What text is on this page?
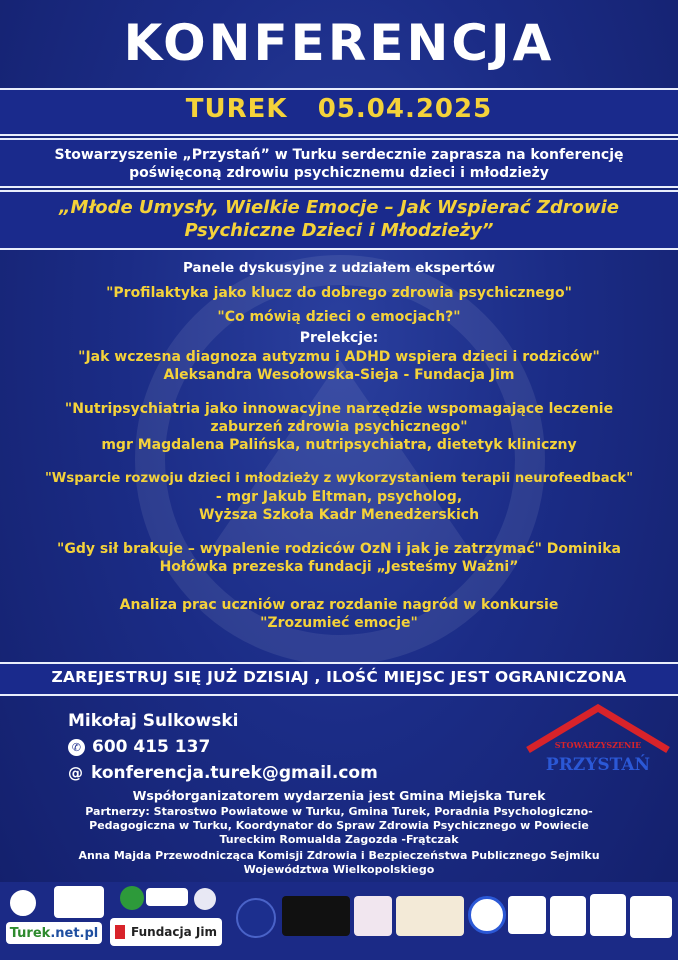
KONFERENCJA
TUREK   05.04.2025
Stowarzyszenie „Przystań” w Turku serdecznie zaprasza na konferencję
poświęconą zdrowiu psychicznemu dzieci i młodzieży
„Młode Umysły, Wielkie Emocje – Jak Wspierać Zdrowie
Psychiczne Dzieci i Młodzieży”
Panele dyskusyjne z udziałem ekspertów
"Profilaktyka jako klucz do dobrego zdrowia psychicznego"
"Co mówią dzieci o emocjach?"
Prelekcje:
"Jak wczesna diagnoza autyzmu i ADHD wspiera dzieci i rodziców"
Aleksandra Wesołowska-Sieja - Fundacja Jim
"Nutripsychiatria jako innowacyjne narzędzie wspomagające leczenie
zaburzeń zdrowia psychicznego"
mgr Magdalena Palińska, nutripsychiatra, dietetyk kliniczny
"Wsparcie rozwoju dzieci i młodzieży z wykorzystaniem terapii neurofeedback"
- mgr Jakub Eltman, psycholog,
Wyższa Szkoła Kadr Menedżerskich
"Gdy sił brakuje – wypalenie rodziców OzN i jak je zatrzymać" Dominika
Hołówka prezeska fundacji „Jesteśmy Ważni”
Analiza prac uczniów oraz rozdanie nagród w konkursie
"Zrozumieć emocje"
ZAREJESTRUJ SIĘ JUŻ DZISIAJ , ILOŚĆ MIEJSC JEST OGRANICZONA
Mikołaj Sulkowski
✆ 600 415 137
@ konferencja.turek@gmail.com
STOWARZYSZENIE
PRZYSTAŃ
Współorganizatorem wydarzenia jest Gmina Miejska Turek
Partnerzy: Starostwo Powiatowe w Turku, Gmina Turek, Poradnia Psychologiczno-
Pedagogiczna w Turku, Koordynator do Spraw Zdrowia Psychicznego w Powiecie
Tureckim Romualda Zagozda -Frątczak
Anna Majda Przewodnicząca Komisji Zdrowia i Bezpieczeństwa Publicznego Sejmiku
Województwa Wielkopolskiego
Turek .net.pl	Fundacja Jim
